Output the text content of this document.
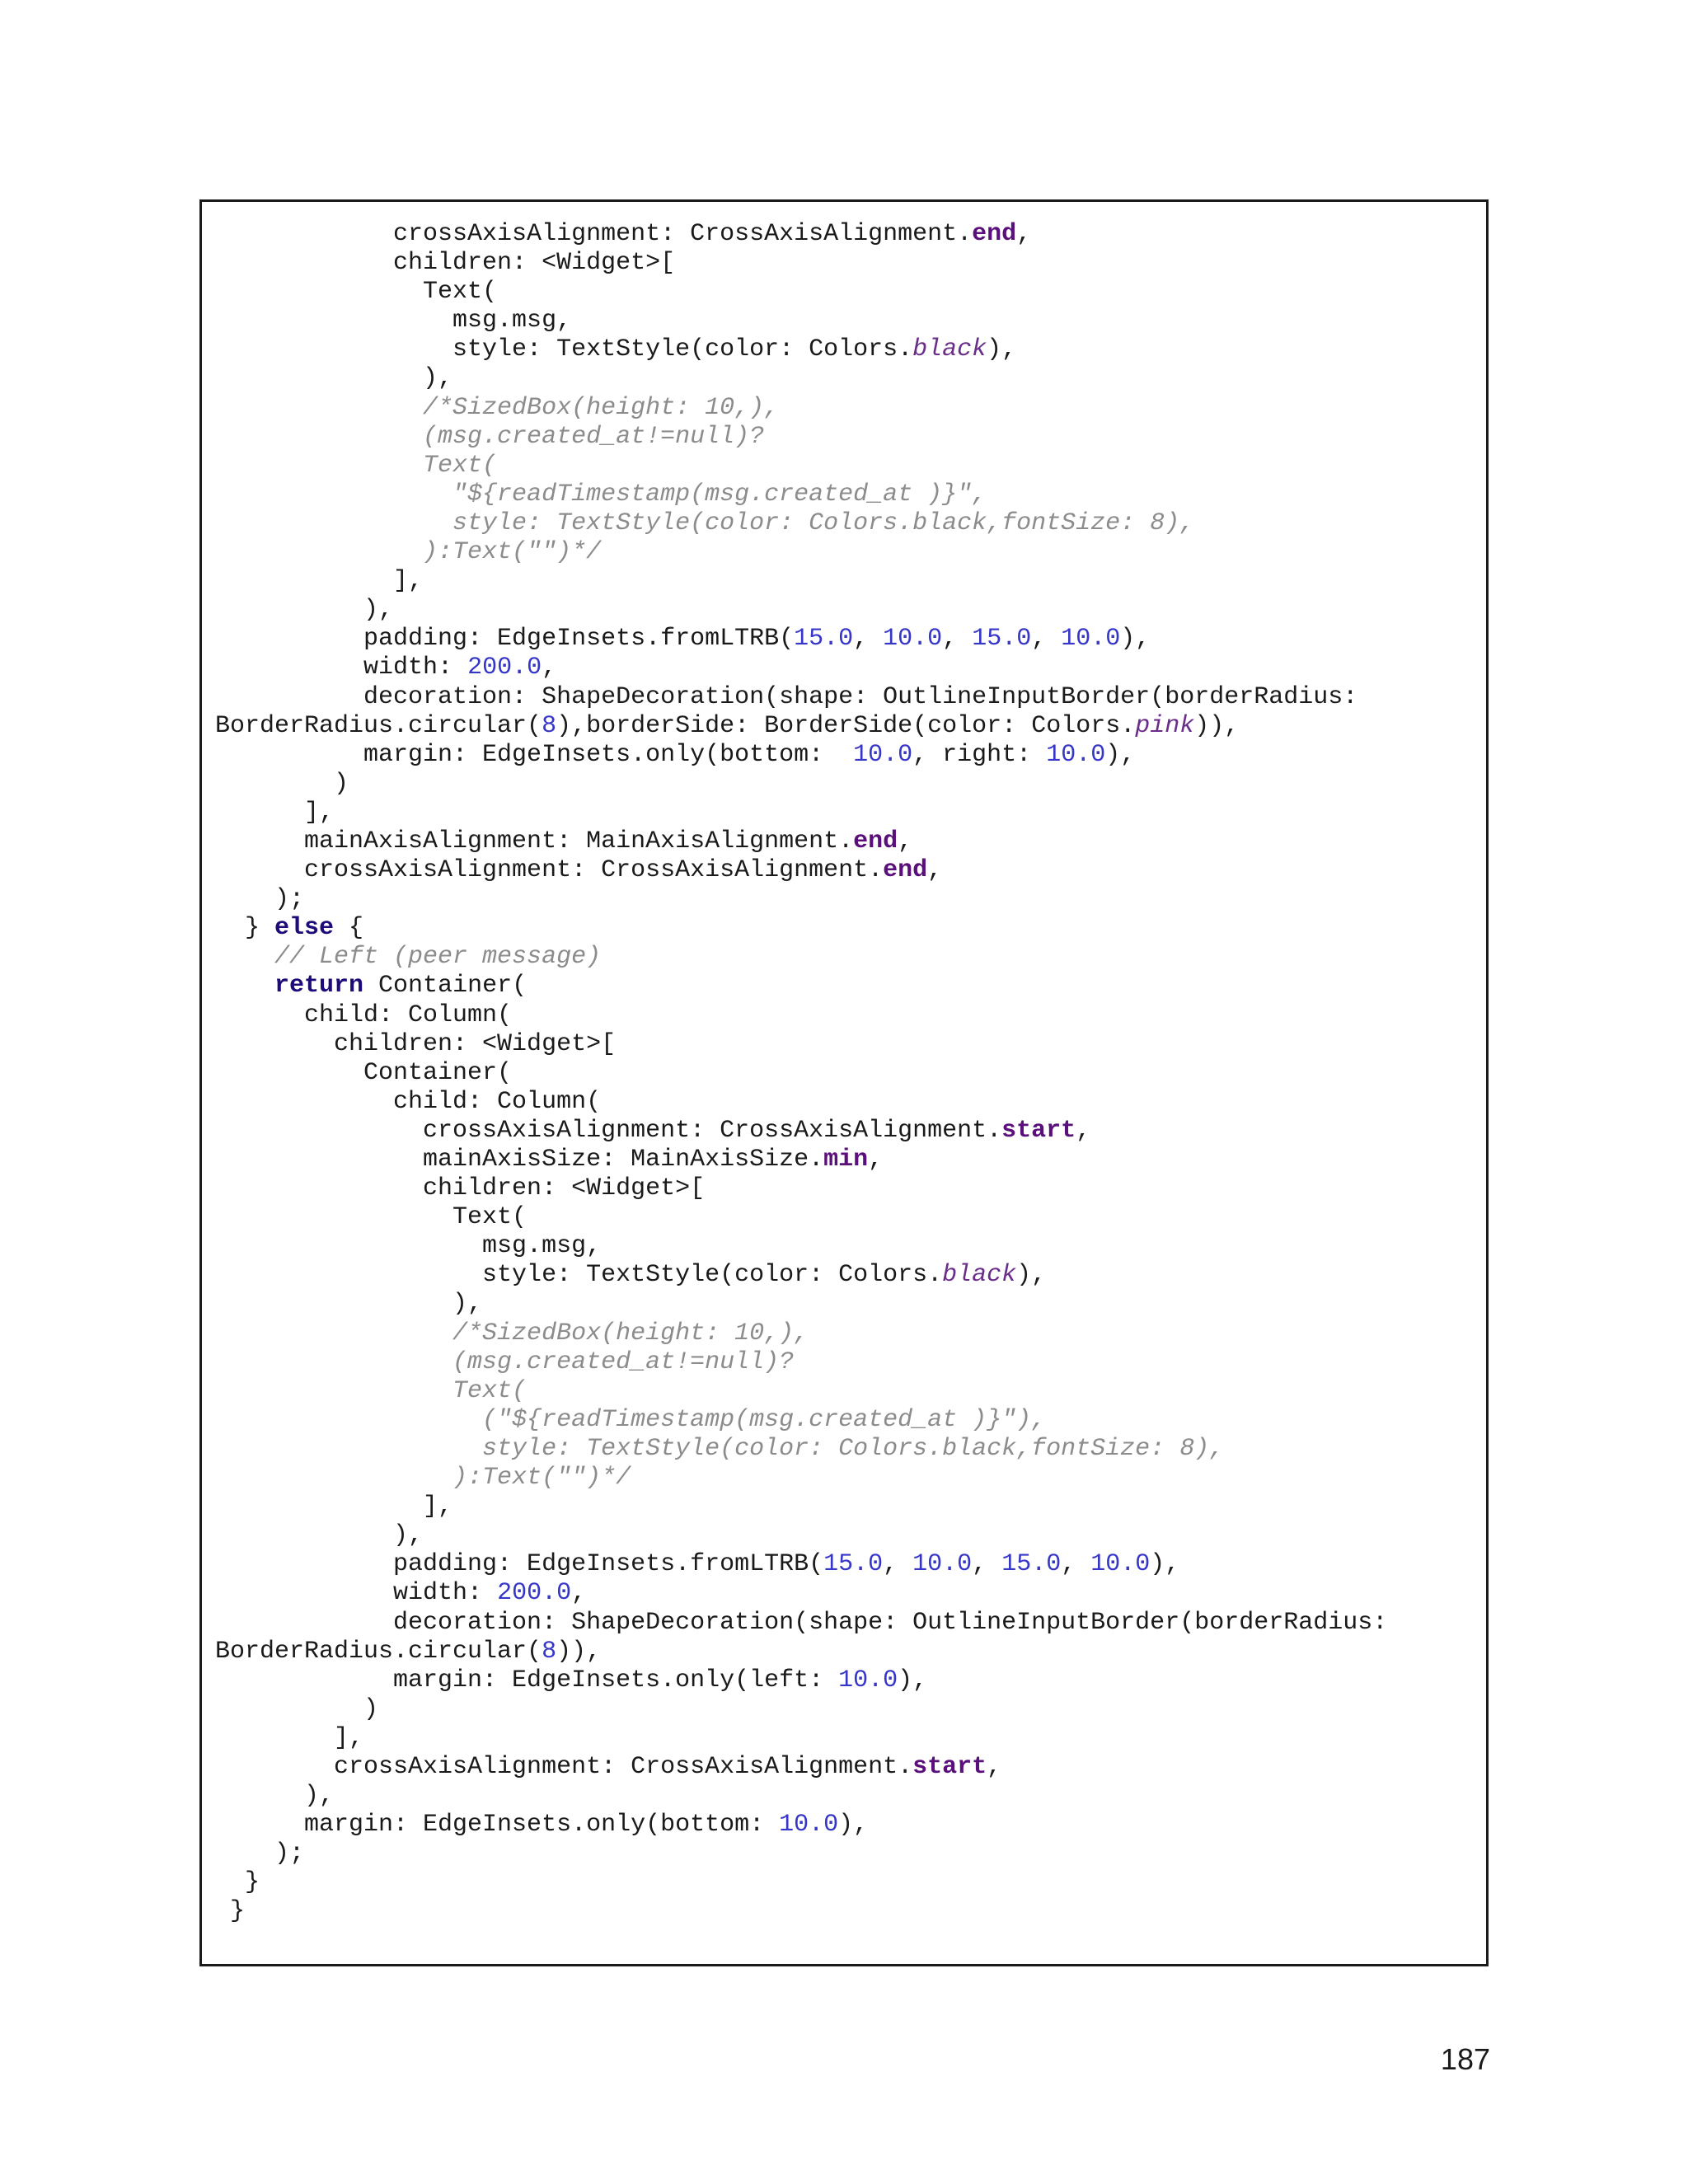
crossAxisAlignment: CrossAxisAlignment.end,
children: <Widget>[
Text(
msg.msg,
style: TextStyle(color: Colors.black),
),
/*SizedBox(height: 10,),
(msg.created_at!=null)?
Text(
"${readTimestamp(msg.created_at )}",
style: TextStyle(color: Colors.black,fontSize: 8),
):Text("")*/
],
),
padding: EdgeInsets.fromLTRB(15.0, 10.0, 15.0, 10.0),
width: 200.0,
decoration: ShapeDecoration(shape: OutlineInputBorder(borderRadius:
BorderRadius.circular(8),borderSide: BorderSide(color: Colors.pink)),
margin: EdgeInsets.only(bottom:  10.0, right: 10.0),
)
],
mainAxisAlignment: MainAxisAlignment.end,
crossAxisAlignment: CrossAxisAlignment.end,
);
} else {
// Left (peer message)
return Container(
child: Column(
children: <Widget>[
Container(
child: Column(
crossAxisAlignment: CrossAxisAlignment.start,
mainAxisSize: MainAxisSize.min,
children: <Widget>[
Text(
msg.msg,
style: TextStyle(color: Colors.black),
),
/*SizedBox(height: 10,),
(msg.created_at!=null)?
Text(
("${readTimestamp(msg.created_at )}"),
style: TextStyle(color: Colors.black,fontSize: 8),
):Text("")*/
],
),
padding: EdgeInsets.fromLTRB(15.0, 10.0, 15.0, 10.0),
width: 200.0,
decoration: ShapeDecoration(shape: OutlineInputBorder(borderRadius:
BorderRadius.circular(8)),
margin: EdgeInsets.only(left: 10.0),
)
],
crossAxisAlignment: CrossAxisAlignment.start,
),
margin: EdgeInsets.only(bottom: 10.0),
);
}
}
187
